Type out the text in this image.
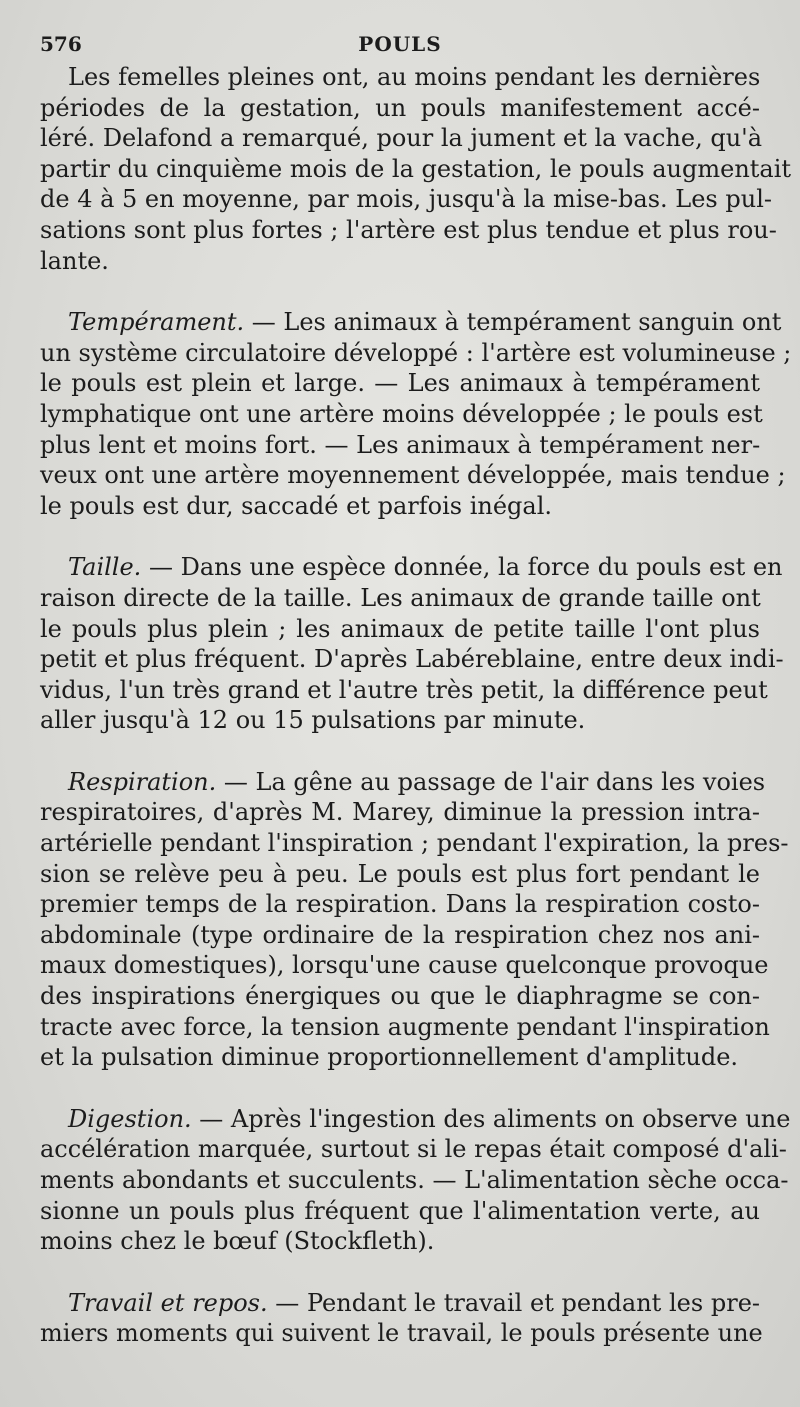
576	POULS

Les femelles pleines ont, au moins pendant les dernières
périodes de la gestation, un pouls manifestement accé-
léré. Delafond a remarqué, pour la jument et la vache, qu'à
partir du cinquième mois de la gestation, le pouls augmentait
de 4 à 5 en moyenne, par mois, jusqu'à la mise-bas. Les pul-
sations sont plus fortes ; l'artère est plus tendue et plus rou-
lante.

Tempérament. — Les animaux à tempérament sanguin ont
un système circulatoire développé : l'artère est volumineuse ;
le pouls est plein et large. — Les animaux à tempérament
lymphatique ont une artère moins développée ; le pouls est
plus lent et moins fort. — Les animaux à tempérament ner-
veux ont une artère moyennement développée, mais tendue ;
le pouls est dur, saccadé et parfois inégal.

Taille. — Dans une espèce donnée, la force du pouls est en
raison directe de la taille. Les animaux de grande taille ont
le pouls plus plein ; les animaux de petite taille l'ont plus
petit et plus fréquent. D'après Labéreblaine, entre deux indi-
vidus, l'un très grand et l'autre très petit, la différence peut
aller jusqu'à 12 ou 15 pulsations par minute.

Respiration. — La gêne au passage de l'air dans les voies
respiratoires, d'après M. Marey, diminue la pression intra-
artérielle pendant l'inspiration ; pendant l'expiration, la pres-
sion se relève peu à peu. Le pouls est plus fort pendant le
premier temps de la respiration. Dans la respiration costo-
abdominale (type ordinaire de la respiration chez nos ani-
maux domestiques), lorsqu'une cause quelconque provoque
des inspirations énergiques ou que le diaphragme se con-
tracte avec force, la tension augmente pendant l'inspiration
et la pulsation diminue proportionnellement d'amplitude.

Digestion. — Après l'ingestion des aliments on observe une
accélération marquée, surtout si le repas était composé d'ali-
ments abondants et succulents. — L'alimentation sèche occa-
sionne un pouls plus fréquent que l'alimentation verte, au
moins chez le bœuf (Stockfleth).

Travail et repos. — Pendant le travail et pendant les pre-
miers moments qui suivent le travail, le pouls présente une
